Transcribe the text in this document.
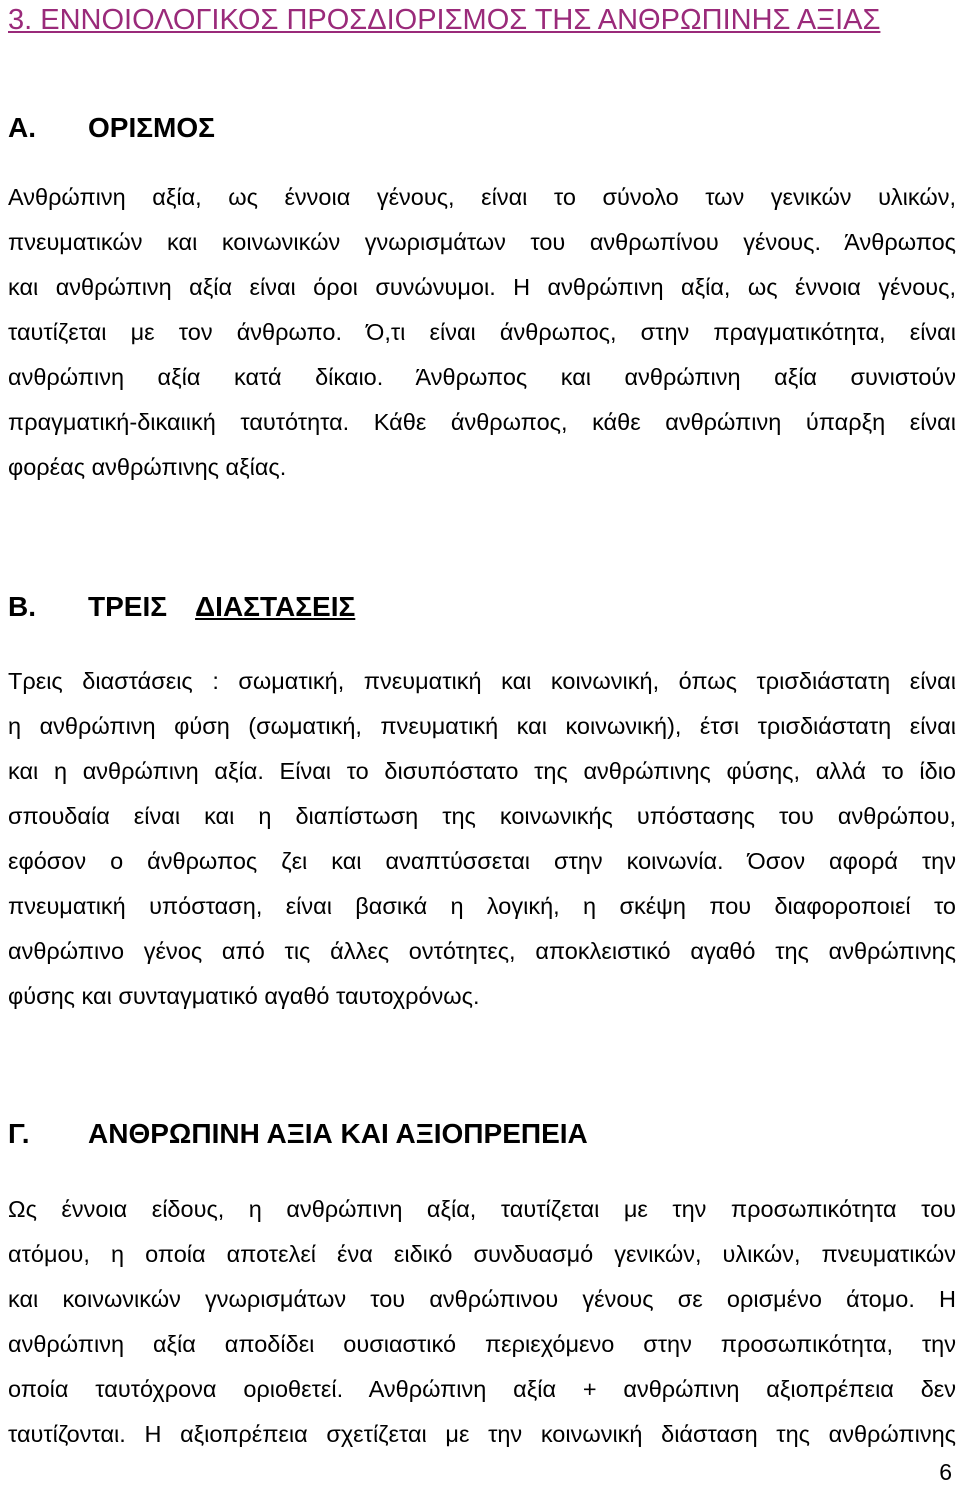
3. ΕΝΝΟΙΟΛΟΓΙΚΟΣ ΠΡΟΣΔΙΟΡΙΣΜΟΣ ΤΗΣ ΑΝΘΡΩΠΙΝΗΣ ΑΞΙΑΣ
Α. ΟΡΙΣΜΟΣ
Ανθρώπινη αξία, ως έννοια γένους, είναι το σύνολο των γενικών υλικών,
πνευματικών και κοινωνικών γνωρισμάτων του ανθρωπίνου γένους. Άνθρωπος
και ανθρώπινη αξία είναι όροι συνώνυμοι. Η ανθρώπινη αξία, ως έννοια γένους,
ταυτίζεται με τον άνθρωπο. Ό,τι είναι άνθρωπος, στην πραγματικότητα, είναι
ανθρώπινη αξία κατά δίκαιο. Άνθρωπος και ανθρώπινη αξία συνιστούν
πραγματική-δικαιική ταυτότητα. Κάθε άνθρωπος, κάθε ανθρώπινη ύπαρξη είναι
φορέας ανθρώπινης αξίας.
Β. ΤΡΕΙΣ ΔΙΑΣΤΑΣΕΙΣ
Τρεις διαστάσεις : σωματική, πνευματική και κοινωνική, όπως τρισδιάστατη είναι
η ανθρώπινη φύση (σωματική, πνευματική και κοινωνική), έτσι τρισδιάστατη είναι
και η ανθρώπινη αξία. Είναι το δισυπόστατο της ανθρώπινης φύσης, αλλά το ίδιο
σπουδαία είναι και η διαπίστωση της κοινωνικής υπόστασης του ανθρώπου,
εφόσον ο άνθρωπος ζει και αναπτύσσεται στην κοινωνία. Όσον αφορά την
πνευματική υπόσταση, είναι βασικά η λογική, η σκέψη που διαφοροποιεί το
ανθρώπινο γένος από τις άλλες οντότητες, αποκλειστικό αγαθό της ανθρώπινης
φύσης και συνταγματικό αγαθό ταυτοχρόνως.
Γ. ΑΝΘΡΩΠΙΝΗ ΑΞΙΑ ΚΑΙ ΑΞΙΟΠΡΕΠΕΙΑ
Ως έννοια είδους, η ανθρώπινη αξία, ταυτίζεται με την προσωπικότητα του
ατόμου, η οποία αποτελεί ένα ειδικό συνδυασμό γενικών, υλικών, πνευματικών
και κοινωνικών γνωρισμάτων του ανθρώπινου γένους σε ορισμένο άτομο. Η
ανθρώπινη αξία αποδίδει ουσιαστικό περιεχόμενο στην προσωπικότητα, την
οποία ταυτόχρονα οριοθετεί. Ανθρώπινη αξία + ανθρώπινη αξιοπρέπεια δεν
ταυτίζονται. Η αξιοπρέπεια σχετίζεται με την κοινωνική διάσταση της ανθρώπινης
6
